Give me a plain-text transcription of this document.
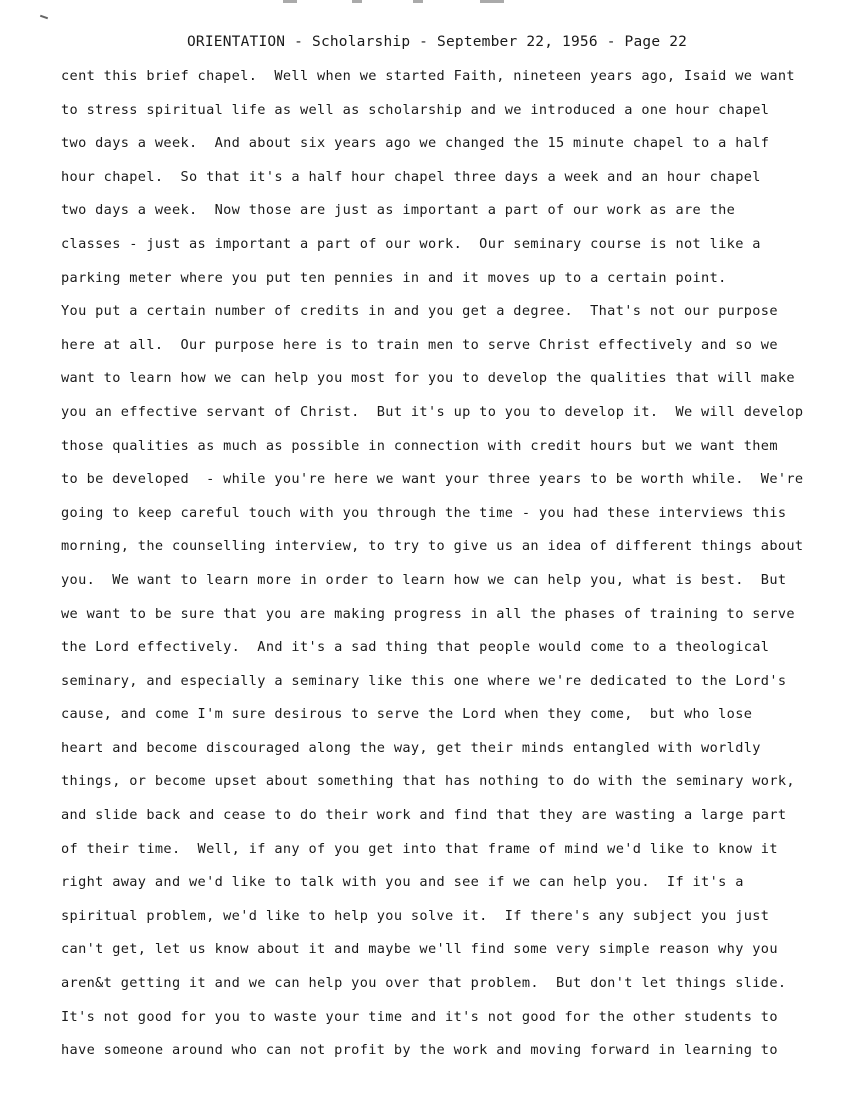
ORIENTATION - Scholarship - September 22, 1956 - Page 22
cent this brief chapel.  Well when we started Faith, nineteen years ago, Isaid we want
to stress spiritual life as well as scholarship and we introduced a one hour chapel
two days a week.  And about six years ago we changed the 15 minute chapel to a half
hour chapel.  So that it's a half hour chapel three days a week and an hour chapel
two days a week.  Now those are just as important a part of our work as are the
classes - just as important a part of our work.  Our seminary course is not like a
parking meter where you put ten pennies in and it moves up to a certain point.
You put a certain number of credits in and you get a degree.  That's not our purpose
here at all.  Our purpose here is to train men to serve Christ effectively and so we
want to learn how we can help you most for you to develop the qualities that will make
you an effective servant of Christ.  But it's up to you to develop it.  We will develop
those qualities as much as possible in connection with credit hours but we want them
to be developed  - while you're here we want your three years to be worth while.  We're
going to keep careful touch with you through the time - you had these interviews this
morning, the counselling interview, to try to give us an idea of different things about
you.  We want to learn more in order to learn how we can help you, what is best.  But
we want to be sure that you are making progress in all the phases of training to serve
the Lord effectively.  And it's a sad thing that people would come to a theological
seminary, and especially a seminary like this one where we're dedicated to the Lord's
cause, and come I'm sure desirous to serve the Lord when they come,  but who lose
heart and become discouraged along the way, get their minds entangled with worldly
things, or become upset about something that has nothing to do with the seminary work,
and slide back and cease to do their work and find that they are wasting a large part
of their time.  Well, if any of you get into that frame of mind we'd like to know it
right away and we'd like to talk with you and see if we can help you.  If it's a
spiritual problem, we'd like to help you solve it.  If there's any subject you just
can't get, let us know about it and maybe we'll find some very simple reason why you
aren&t getting it and we can help you over that problem.  But don't let things slide.
It's not good for you to waste your time and it's not good for the other students to
have someone around who can not profit by the work and moving forward in learning to
